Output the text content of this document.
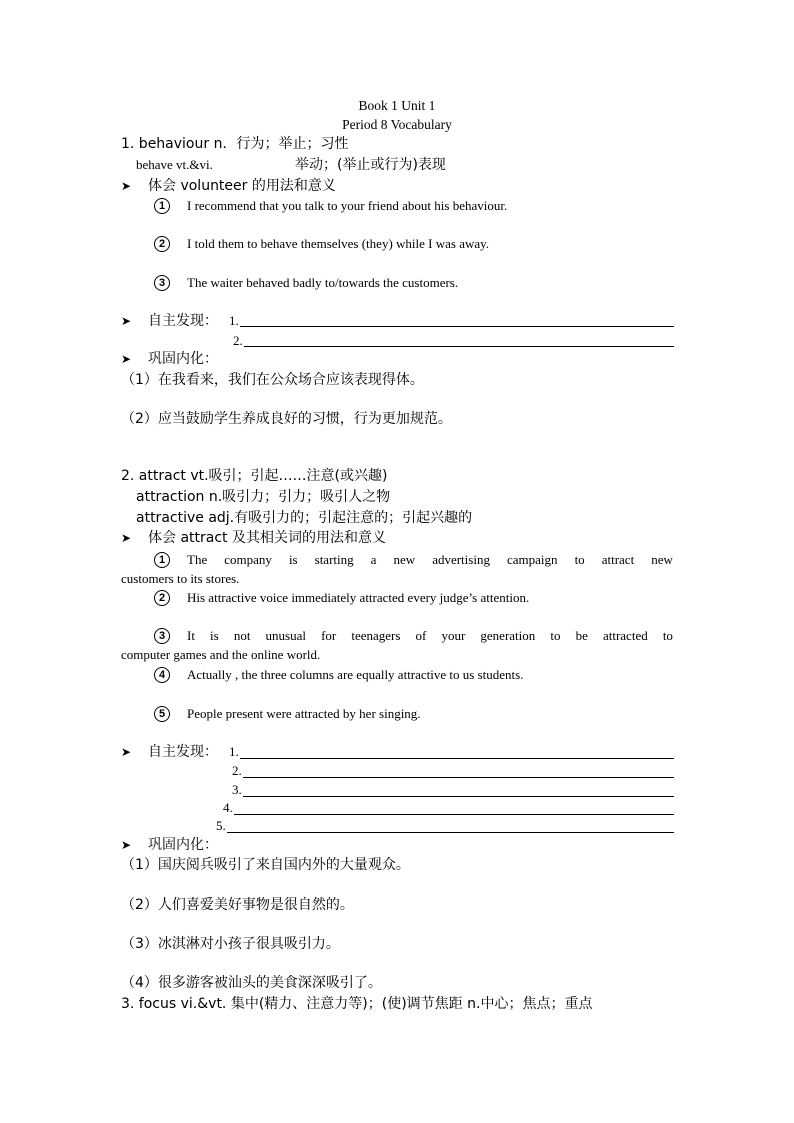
Book 1 Unit 1
Period 8 Vocabulary
1. behaviour n．行为；举止；习性
behave vt.&vi.	举动；(举止或行为)表现
➤ 体会 volunteer 的用法和意义
1 I recommend that you talk to your friend about his behaviour.
2 I told them to behave themselves (they) while I was away.
3 The waiter behaved badly to/towards the customers.
➤ 自主发现： 1.
2.
➤ 巩固内化：
（1）在我看来，我们在公众场合应该表现得体。
（2）应当鼓励学生养成良好的习惯，行为更加规范。
2. attract vt.吸引；引起……注意(或兴趣)
attraction n.吸引力；引力；吸引人之物
attractive adj.有吸引力的；引起注意的；引起兴趣的
➤ 体会 attract 及其相关词的用法和意义
1 The company is starting a new advertising campaign to attract new
customers to its stores.
2 His attractive voice immediately attracted every judge’s attention.
3 It is not unusual for teenagers of your generation to be attracted to
computer games and the online world.
4 Actually , the three columns are equally attractive to us students.
5 People present were attracted by her singing.
➤ 自主发现： 1.
2.
3.
4.
5.
➤ 巩固内化：
（1）国庆阅兵吸引了来自国内外的大量观众。
（2）人们喜爱美好事物是很自然的。
（3）冰淇淋对小孩子很具吸引力。
（4）很多游客被汕头的美食深深吸引了。
3. focus vi.&vt. 集中(精力、注意力等)；(使)调节焦距 n.中心；焦点；重点
